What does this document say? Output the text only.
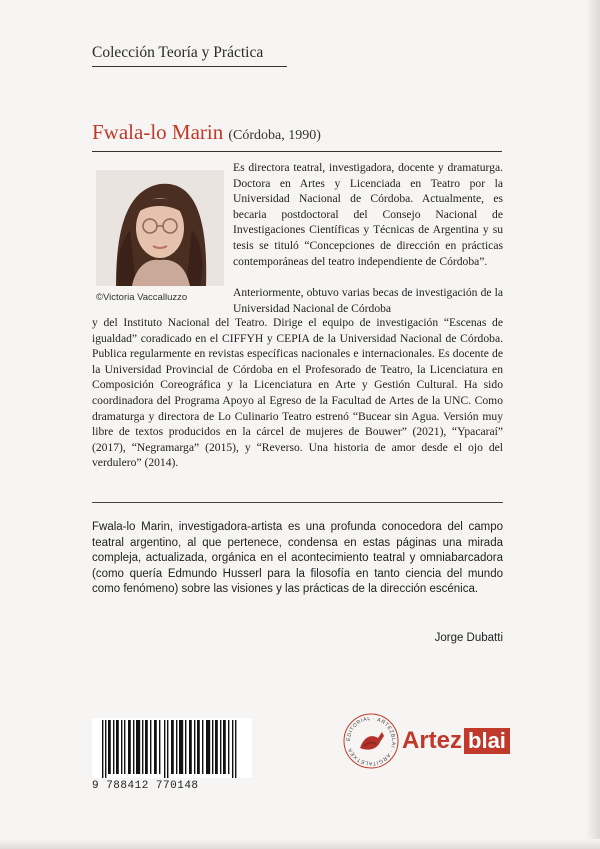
Colección Teoría y Práctica
Fwala-lo Marin (Córdoba, 1990)
©Victoria Vaccalluzzo
Es directora teatral, investigadora, docente y dramaturga. Doctora en Artes y Licenciada en Teatro por la Universidad Nacional de Córdoba. Actualmente, es becaria postdoctoral del Consejo Nacional de Investigaciones Científicas y Técnicas de Argentina y su tesis se tituló “Concepciones de dirección en prácticas contemporáneas del teatro independiente de Córdoba”.
Anteriormente, obtuvo varias becas de investigación de la Universidad Nacional de Córdoba
y del Instituto Nacional del Teatro. Dirige el equipo de investigación “Escenas de igualdad” coradicado en el CIFFYH y CEPIA de la Universidad Nacional de Córdoba. Publica regularmente en revistas específicas nacionales e internacionales. Es docente de la Universidad Provincial de Córdoba en el Profesorado de Teatro, la Licenciatura en Composición Coreográfica y la Licenciatura en Arte y Gestión Cultural. Ha sido coordinadora del Programa Apoyo al Egreso de la Facultad de Artes de la UNC. Como dramaturga y directora de Lo Culinario Teatro estrenó “Bucear sin Agua. Versión muy libre de textos producidos en la cárcel de mujeres de Bouwer” (2021), “Ypacaraí” (2017), “Negramarga” (2015), y “Reverso. Una historia de amor desde el ojo del verdulero” (2014).
Fwala-lo Marin, investigadora-artista es una profunda conocedora del campo teatral argentino, al que pertenece, condensa en estas páginas una mirada compleja, actualizada, orgánica en el acontecimiento teatral y omniabarcadora (como quería Edmundo Husserl para la filosofía en tanto ciencia del mundo como fenómeno) sobre las visiones y las prácticas de la dirección escénica.
Jorge Dubatti
9 788412 770148
EDITORIAL · ARTEZBLAI · ARGITALETXEA	Artez blai
